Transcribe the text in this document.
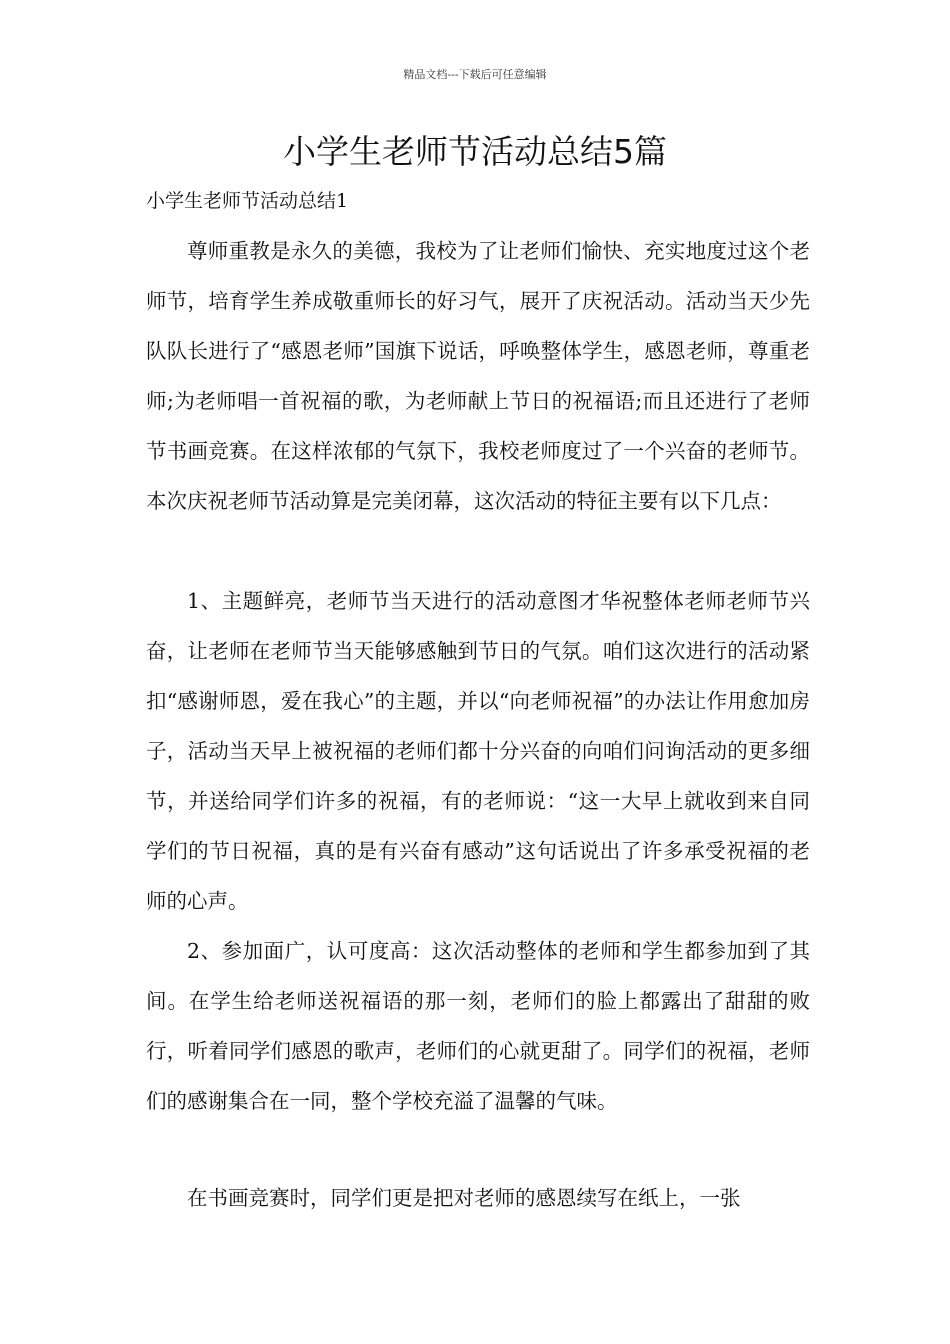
精品文档---下载后可任意编辑
小学生老师节活动总结5篇
小学生老师节活动总结1

尊师重教是永久的美德，我校为了让老师们愉快、充实地度过这个老师节，培育学生养成敬重师长的好习气，展开了庆祝活动。活动当天少先队队长进行了“感恩老师”国旗下说话，呼唤整体学生，感恩老师，尊重老师;为老师唱一首祝福的歌，为老师献上节日的祝福语;而且还进行了老师节书画竞赛。在这样浓郁的气氛下，我校老师度过了一个兴奋的老师节。本次庆祝老师节活动算是完美闭幕，这次活动的特征主要有以下几点：

1、主题鲜亮，老师节当天进行的活动意图才华祝整体老师老师节兴奋，让老师在老师节当天能够感触到节日的气氛。咱们这次进行的活动紧扣“感谢师恩，爱在我心”的主题，并以“向老师祝福”的办法让作用愈加房子，活动当天早上被祝福的老师们都十分兴奋的向咱们问询活动的更多细节，并送给同学们许多的祝福，有的老师说：“这一大早上就收到来自同学们的节日祝福，真的是有兴奋有感动”这句话说出了许多承受祝福的老师的心声。

2、参加面广，认可度高：这次活动整体的老师和学生都参加到了其间。在学生给老师送祝福语的那一刻，老师们的脸上都露出了甜甜的败行，听着同学们感恩的歌声，老师们的心就更甜了。同学们的祝福，老师们的感谢集合在一同，整个学校充溢了温馨的气味。

在书画竞赛时，同学们更是把对老师的感恩续写在纸上，一张
